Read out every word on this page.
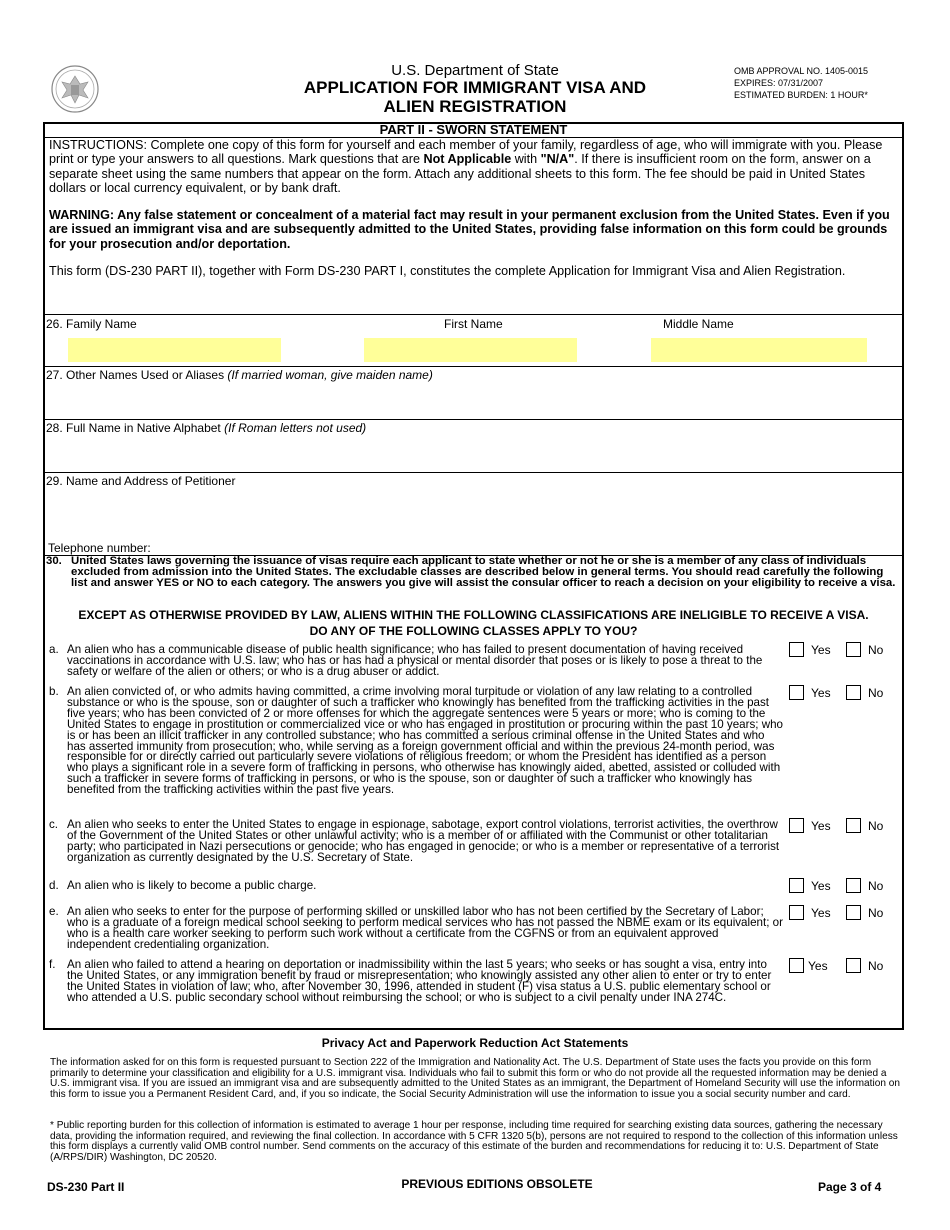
U.S. Department of State
APPLICATION FOR IMMIGRANT VISA AND
ALIEN REGISTRATION
OMB APPROVAL NO. 1405-0015
EXPIRES: 07/31/2007
ESTIMATED BURDEN: 1 HOUR*
PART II - SWORN STATEMENT
INSTRUCTIONS: Complete one copy of this form for yourself and each member of your family, regardless of age, who will immigrate with you. Please print or type your answers to all questions. Mark questions that are Not Applicable with "N/A". If there is insufficient room on the form, answer on a separate sheet using the same numbers that appear on the form. Attach any additional sheets to this form. The fee should be paid in United States dollars or local currency equivalent, or by bank draft.
WARNING: Any false statement or concealment of a material fact may result in your permanent exclusion from the United States. Even if you are issued an immigrant visa and are subsequently admitted to the United States, providing false information on this form could be grounds for your prosecution and/or deportation.
This form (DS-230 PART II), together with Form DS-230 PART I, constitutes the complete Application for Immigrant Visa and Alien Registration.
26. Family Name	First Name	Middle Name
27. Other Names Used or Aliases (If married woman, give maiden name)
28. Full Name in Native Alphabet (If Roman letters not used)
29. Name and Address of Petitioner
Telephone number:
30. United States laws governing the issuance of visas require each applicant to state whether or not he or she is a member of any class of individuals excluded from admission into the United States. The excludable classes are described below in general terms. You should read carefully the following list and answer YES or NO to each category. The answers you give will assist the consular officer to reach a decision on your eligibility to receive a visa.
EXCEPT AS OTHERWISE PROVIDED BY LAW, ALIENS WITHIN THE FOLLOWING CLASSIFICATIONS ARE INELIGIBLE TO RECEIVE A VISA.
DO ANY OF THE FOLLOWING CLASSES APPLY TO YOU?
a. An alien who has a communicable disease of public health significance; who has failed to present documentation of having received vaccinations in accordance with U.S. law; who has or has had a physical or mental disorder that poses or is likely to pose a threat to the safety or welfare of the alien or others; or who is a drug abuser or addict.
Yes	No
b. An alien convicted of, or who admits having committed, a crime involving moral turpitude or violation of any law relating to a controlled substance or who is the spouse, son or daughter of such a trafficker who knowingly has benefited from the trafficking activities in the past five years; who has been convicted of 2 or more offenses for which the aggregate sentences were 5 years or more; who is coming to the United States to engage in prostitution or commercialized vice or who has engaged in prostitution or procuring within the past 10 years; who is or has been an illicit trafficker in any controlled substance; who has committed a serious criminal offense in the United States and who has asserted immunity from prosecution; who, while serving as a foreign government official and within the previous 24-month period, was responsible for or directly carried out particularly severe violations of religious freedom; or whom the President has identified as a person who plays a significant role in a severe form of trafficking in persons, who otherwise has knowingly aided, abetted, assisted or colluded with such a trafficker in severe forms of trafficking in persons, or who is the spouse, son or daughter of such a trafficker who knowingly has benefited from the trafficking activities within the past five years.
Yes	No
c. An alien who seeks to enter the United States to engage in espionage, sabotage, export control violations, terrorist activities, the overthrow of the Government of the United States or other unlawful activity; who is a member of or affiliated with the Communist or other totalitarian party; who participated in Nazi persecutions or genocide; who has engaged in genocide; or who is a member or representative of a terrorist organization as currently designated by the U.S. Secretary of State.
Yes	No
d. An alien who is likely to become a public charge.	Yes	No
e. An alien who seeks to enter for the purpose of performing skilled or unskilled labor who has not been certified by the Secretary of Labor; who is a graduate of a foreign medical school seeking to perform medical services who has not passed the NBME exam or its equivalent; or who is a health care worker seeking to perform such work without a certificate from the CGFNS or from an equivalent approved independent credentialing organization.
Yes	No
f. An alien who failed to attend a hearing on deportation or inadmissibility within the last 5 years; who seeks or has sought a visa, entry into the United States, or any immigration benefit by fraud or misrepresentation; who knowingly assisted any other alien to enter or try to enter the United States in violation of law; who, after November 30, 1996, attended in student (F) visa status a U.S. public elementary school or who attended a U.S. public secondary school without reimbursing the school; or who is subject to a civil penalty under INA 274C.
Yes	No
Privacy Act and Paperwork Reduction Act Statements
The information asked for on this form is requested pursuant to Section 222 of the Immigration and Nationality Act. The U.S. Department of State uses the facts you provide on this form primarily to determine your classification and eligibility for a U.S. immigrant visa. Individuals who fail to submit this form or who do not provide all the requested information may be denied a U.S. immigrant visa. If you are issued an immigrant visa and are subsequently admitted to the United States as an immigrant, the Department of Homeland Security will use the information on this form to issue you a Permanent Resident Card, and, if you so indicate, the Social Security Administration will use the information to issue you a social security number and card.
* Public reporting burden for this collection of information is estimated to average 1 hour per response, including time required for searching existing data sources, gathering the necessary data, providing the information required, and reviewing the final collection. In accordance with 5 CFR 1320 5(b), persons are not required to respond to the collection of this information unless this form displays a currently valid OMB control number. Send comments on the accuracy of this estimate of the burden and recommendations for reducing it to: U.S. Department of State (A/RPS/DIR) Washington, DC 20520.
DS-230 Part II	PREVIOUS EDITIONS OBSOLETE	Page 3 of 4
